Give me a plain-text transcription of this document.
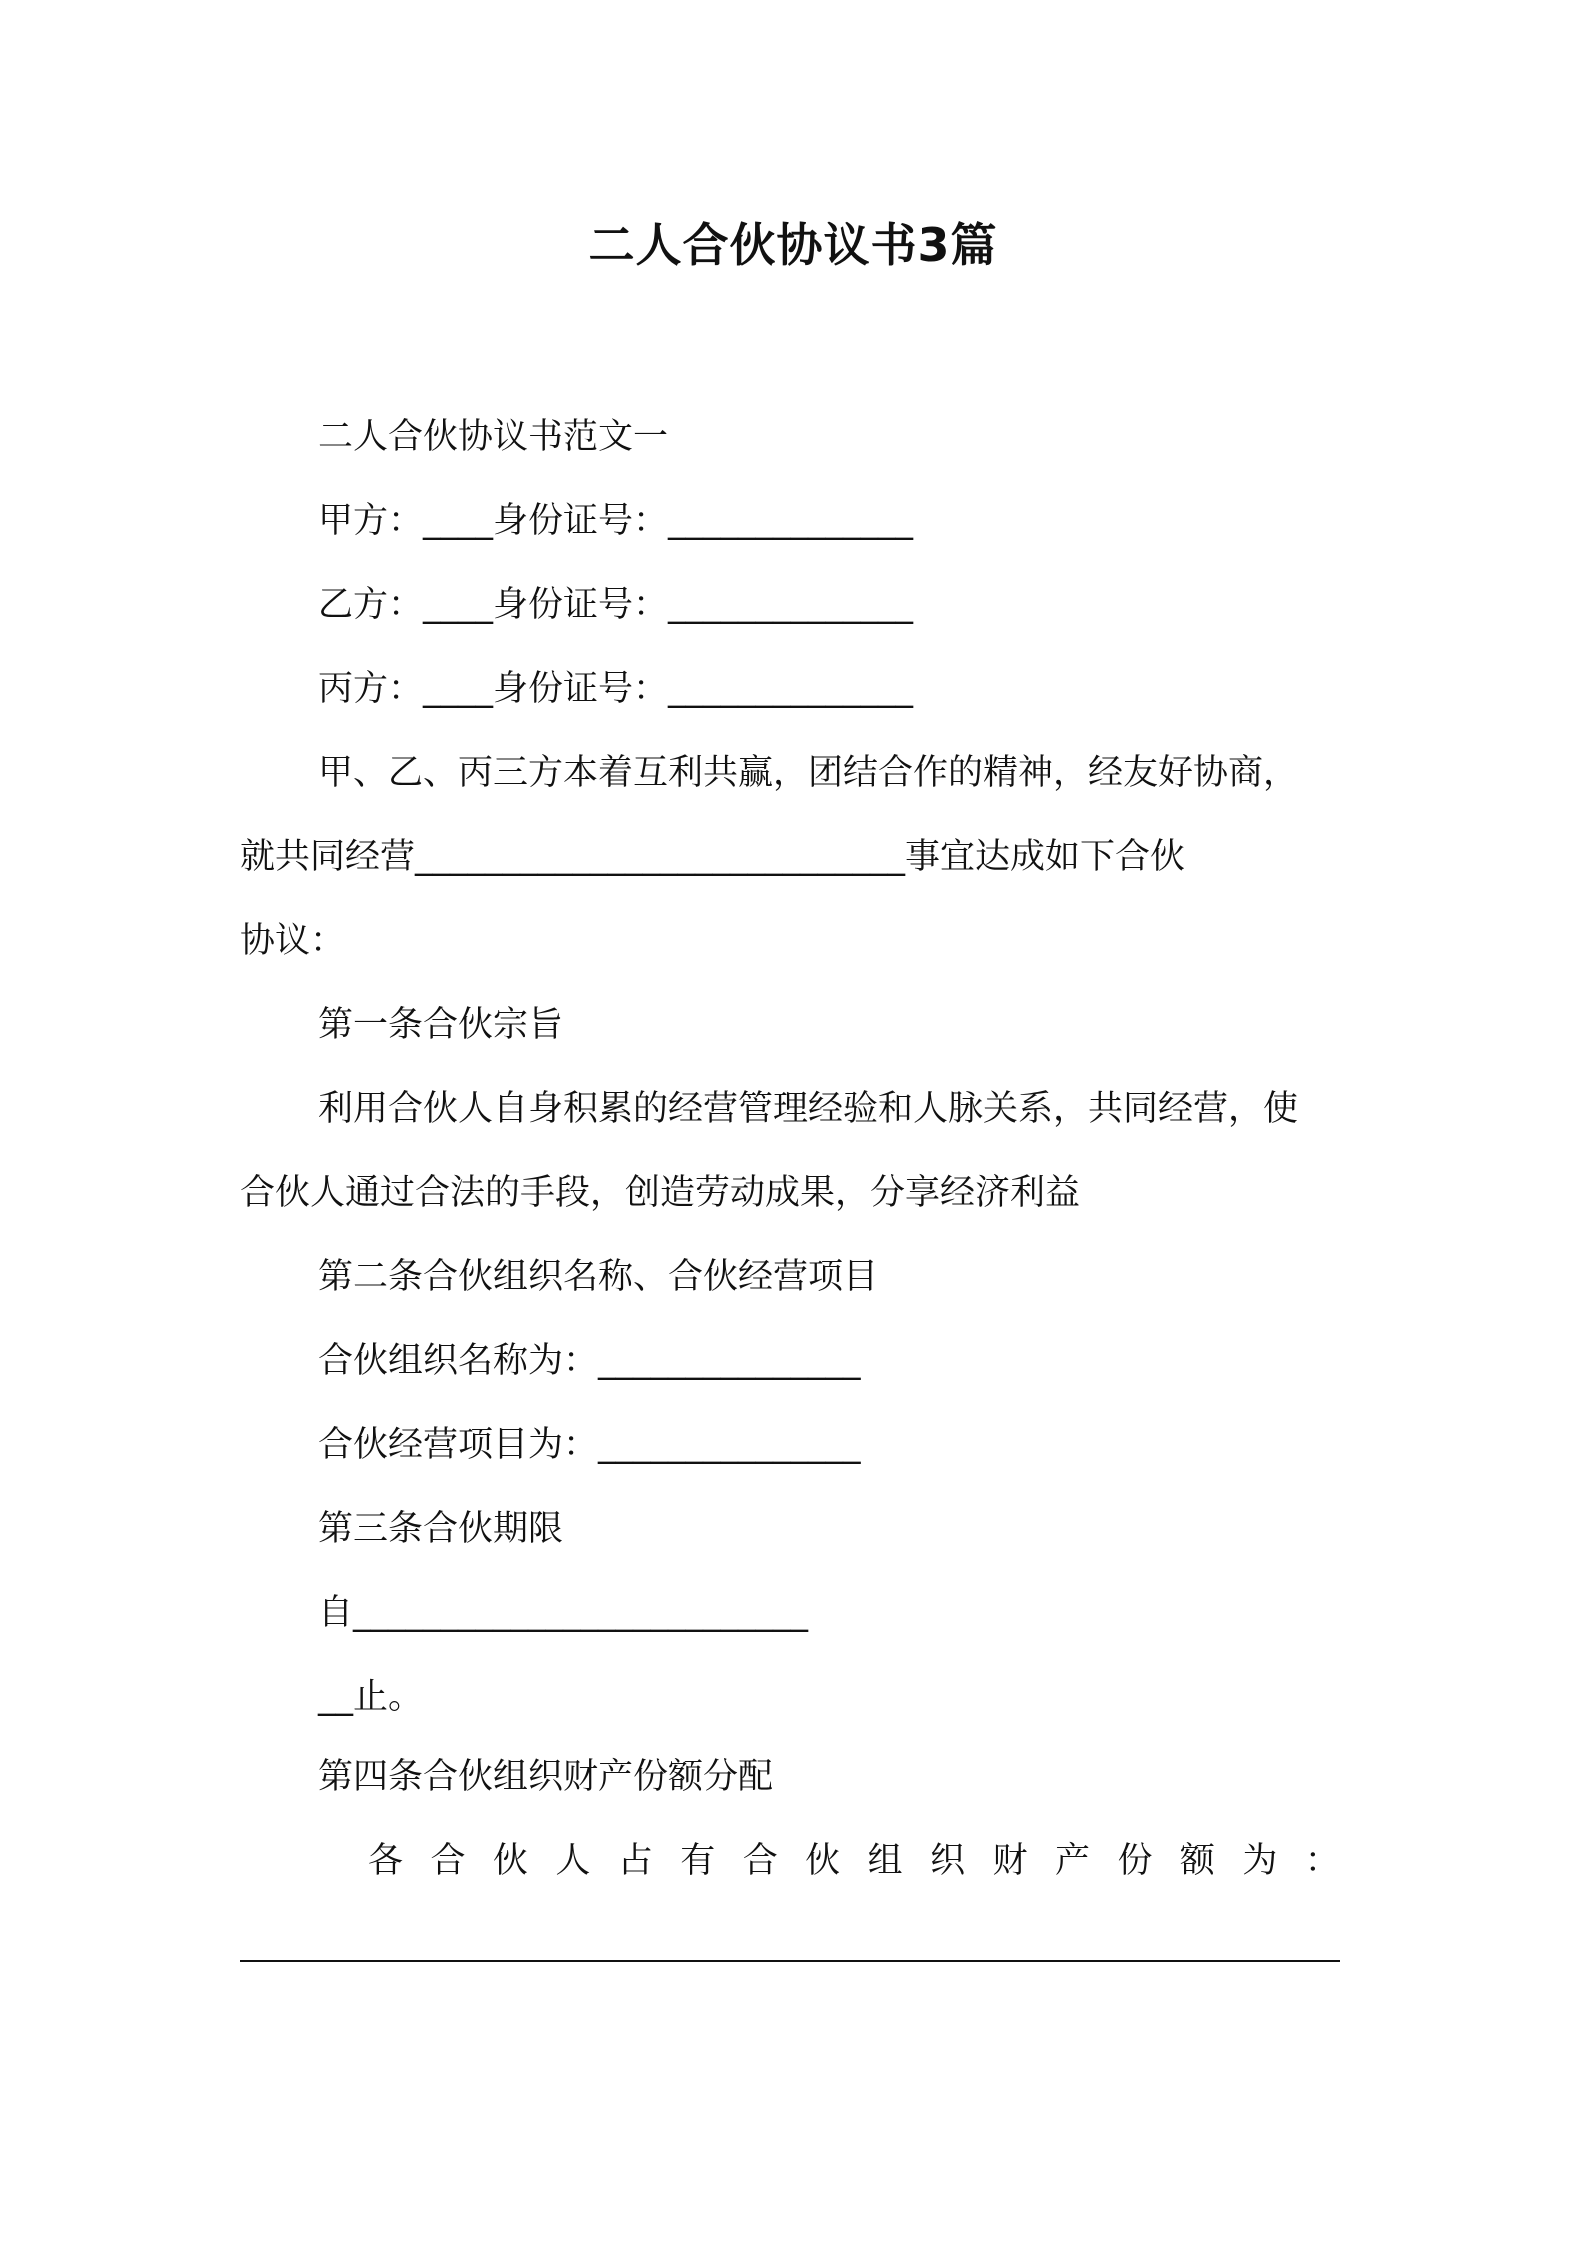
二人合伙协议书3篇
二人合伙协议书范文一
甲方：____身份证号：______________
乙方：____身份证号：______________
丙方：____身份证号：______________
甲、乙、丙三方本着互利共赢，团结合作的精神，经友好协商，
就共同经营____________________________事宜达成如下合伙
协议：
第一条合伙宗旨
利用合伙人自身积累的经营管理经验和人脉关系，共同经营，使
合伙人通过合法的手段，创造劳动成果，分享经济利益
第二条合伙组织名称、合伙经营项目
合伙组织名称为：_______________
合伙经营项目为：_______________
第三条合伙期限
自__________________________
__止。
第四条合伙组织财产份额分配
各 合 伙 人 占 有 合 伙 组 织 财 产 份 额 为 ：
